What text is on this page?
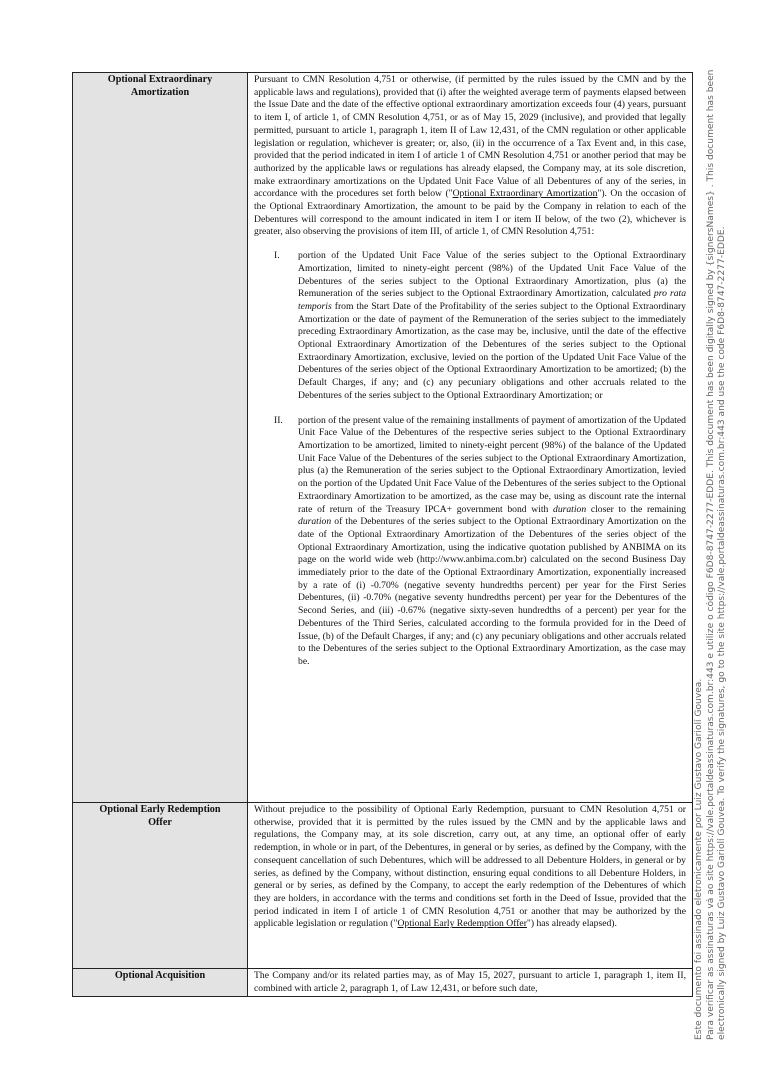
Optional Extraordinary Amortization	Pursuant to CMN Resolution 4,751 or otherwise, (if permitted by the rules issued by the CMN and by the applicable laws and regulations), provided that (i) after the weighted average term of payments elapsed between the Issue Date and the date of the effective optional extraordinary amortization exceeds four (4) years, pursuant to item I, of article 1, of CMN Resolution 4,751, or as of May 15, 2029 (inclusive), and provided that legally permitted, pursuant to article 1, paragraph 1, item II of Law 12,431, of the CMN regulation or other applicable legislation or regulation, whichever is greater; or, also, (ii) in the occurrence of a Tax Event and, in this case, provided that the period indicated in item I of article 1 of CMN Resolution 4,751 or another period that may be authorized by the applicable laws or regulations has already elapsed, the Company may, at its sole discretion, make extraordinary amortizations on the Updated Unit Face Value of all Debentures of any of the series, in accordance with the procedures set forth below ("Optional Extraordinary Amortization"). On the occasion of the Optional Extraordinary Amortization, the amount to be paid by the Company in relation to each of the Debentures will correspond to the amount indicated in item I or item II below, of the two (2), whichever is greater, also observing the provisions of item III, of article 1, of CMN Resolution 4,751:

I. portion of the Updated Unit Face Value of the series subject to the Optional Extraordinary Amortization, limited to ninety-eight percent (98%) of the Updated Unit Face Value of the Debentures of the series subject to the Optional Extraordinary Amortization, plus (a) the Remuneration of the series subject to the Optional Extraordinary Amortization, calculated pro rata temporis from the Start Date of the Profitability of the series subject to the Optional Extraordinary Amortization or the date of payment of the Remuneration of the series subject to the immediately preceding Extraordinary Amortization, as the case may be, inclusive, until the date of the effective Optional Extraordinary Amortization of the Debentures of the series subject to the Optional Extraordinary Amortization, exclusive, levied on the portion of the Updated Unit Face Value of the Debentures of the series object of the Optional Extraordinary Amortization to be amortized; (b) the Default Charges, if any; and (c) any pecuniary obligations and other accruals related to the Debentures of the series subject to the Optional Extraordinary Amortization; or
II. portion of the present value of the remaining installments of payment of amortization of the Updated Unit Face Value of the Debentures of the respective series subject to the Optional Extraordinary Amortization to be amortized, limited to ninety-eight percent (98%) of the balance of the Updated Unit Face Value of the Debentures of the series subject to the Optional Extraordinary Amortization, plus (a) the Remuneration of the series subject to the Optional Extraordinary Amortization, levied on the portion of the Updated Unit Face Value of the Debentures of the series subject to the Optional Extraordinary Amortization to be amortized, as the case may be, using as discount rate the internal rate of return of the Treasury IPCA+ government bond with duration closer to the remaining duration of the Debentures of the series subject to the Optional Extraordinary Amortization on the date of the Optional Extraordinary Amortization of the Debentures of the series object of the Optional Extraordinary Amortization, using the indicative quotation published by ANBIMA on its page on the world wide web (http://www.anbima.com.br) calculated on the second Business Day immediately prior to the date of the Optional Extraordinary Amortization, exponentially increased by a rate of (i) -0.70% (negative seventy hundredths percent) per year for the First Series Debentures, (ii) -0.70% (negative seventy hundredths percent) per year for the Debentures of the Second Series, and (iii) -0.67% (negative sixty-seven hundredths of a percent) per year for the Debentures of the Third Series, calculated according to the formula provided for in the Deed of Issue, (b) of the Default Charges, if any; and (c) any pecuniary obligations and other accruals related to the Debentures of the series subject to the Optional Extraordinary Amortization, as the case may be.

Optional Early Redemption Offer	Without prejudice to the possibility of Optional Early Redemption, pursuant to CMN Resolution 4,751 or otherwise, provided that it is permitted by the rules issued by the CMN and by the applicable laws and regulations, the Company may, at its sole discretion, carry out, at any time, an optional offer of early redemption, in whole or in part, of the Debentures, in general or by series, as defined by the Company, with the consequent cancellation of such Debentures, which will be addressed to all Debenture Holders, in general or by series, as defined by the Company, without distinction, ensuring equal conditions to all Debenture Holders, in general or by series, as defined by the Company, to accept the early redemption of the Debentures of which they are holders, in accordance with the terms and conditions set forth in the Deed of Issue, provided that the period indicated in item I of article 1 of CMN Resolution 4,751 or another that may be authorized by the applicable legislation or regulation ("Optional Early Redemption Offer") has already elapsed).

Optional Acquisition	The Company and/or its related parties may, as of May 15, 2027, pursuant to article 1, paragraph 1, item II, combined with article 2, paragraph 1, of Law 12,431, or before such date,	Este documento foi assinado eletronicamente por Luiz Gustavo Gariolí Gouvea. Para verificar as assinaturas vá ao site https://vale.portaldeassinaturas.com.br:443 e utilize o código F6D8-8747-2277-EDDE. This document has been digitally signed by {signersNames} . This document has been electronically signed by Luiz Gustavo Gariolí Gouvea. To verify the signatures, go to the site https://vale.portaldeassinaturas.com.br:443 and use the code F6D8-8747-2277-EDDE.
